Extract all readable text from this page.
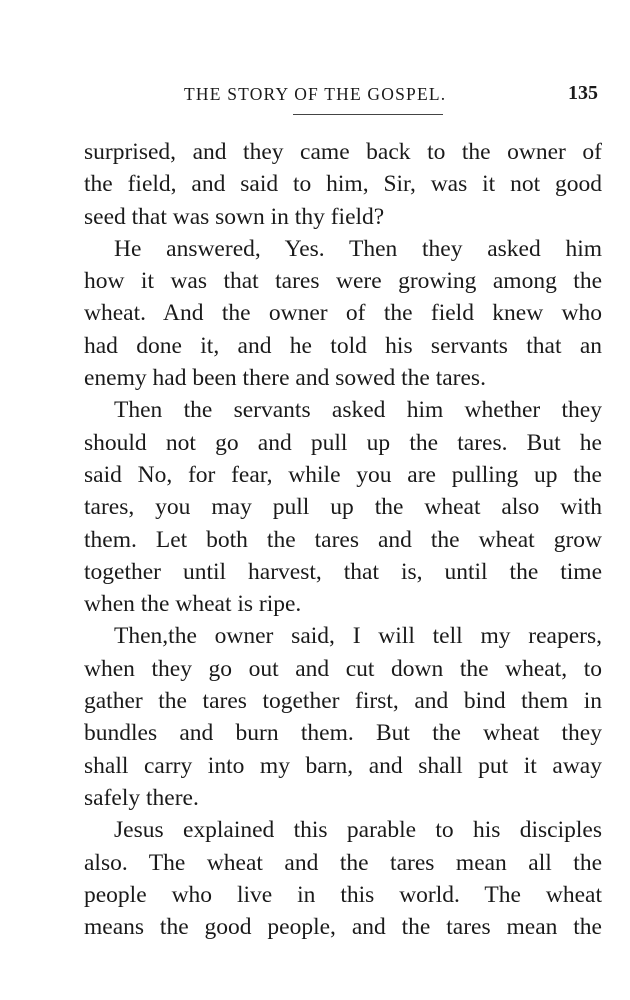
THE STORY OF THE GOSPEL.	135
surprised, and they came back to the owner of
the field, and said to him, Sir, was it not good
seed that was sown in thy field?
He answered, Yes. Then they asked him
how it was that tares were growing among the
wheat. And the owner of the field knew who
had done it, and he told his servants that an
enemy had been there and sowed the tares.
Then the servants asked him whether they
should not go and pull up the tares. But he
said No, for fear, while you are pulling up the
tares, you may pull up the wheat also with
them. Let both the tares and the wheat grow
together until harvest, that is, until the time
when the wheat is ripe.
Then,the owner said, I will tell my reapers,
when they go out and cut down the wheat, to
gather the tares together first, and bind them in
bundles and burn them. But the wheat they
shall carry into my barn, and shall put it away
safely there.
Jesus explained this parable to his disciples
also. The wheat and the tares mean all the
people who live in this world. The wheat
means the good people, and the tares mean the
